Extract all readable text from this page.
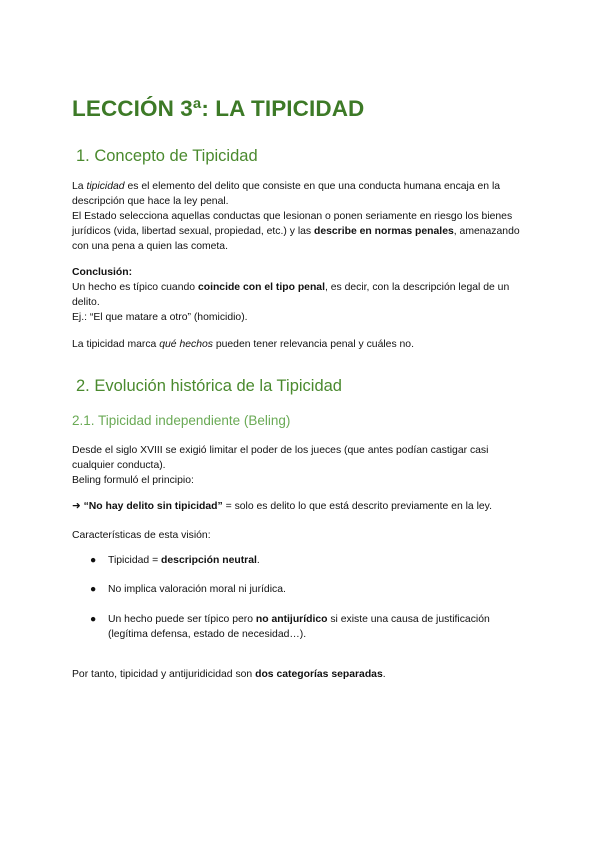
LECCIÓN 3ª: LA TIPICIDAD
1. Concepto de Tipicidad

La tipicidad es el elemento del delito que consiste en que una conducta humana encaja en la descripción que hace la ley penal.

El Estado selecciona aquellas conductas que lesionan o ponen seriamente en riesgo los bienes jurídicos (vida, libertad sexual, propiedad, etc.) y las describe en normas penales, amenazando con una pena a quien las cometa.

Conclusión:

Un hecho es típico cuando coincide con el tipo penal, es decir, con la descripción legal de un delito.

Ej.: “El que matare a otro” (homicidio).

La tipicidad marca qué hechos pueden tener relevancia penal y cuáles no.

2. Evolución histórica de la Tipicidad
2.1. Tipicidad independiente (Beling)

Desde el siglo XVIII se exigió limitar el poder de los jueces (que antes podían castigar casi cualquier conducta).

Beling formuló el principio:

➜ “No hay delito sin tipicidad” = solo es delito lo que está descrito previamente en la ley.

Características de esta visión:

● Tipicidad = descripción neutral.
● No implica valoración moral ni jurídica.
● Un hecho puede ser típico pero no antijurídico si existe una causa de justificación (legítima defensa, estado de necesidad…).

Por tanto, tipicidad y antijuridicidad son dos categorías separadas.
